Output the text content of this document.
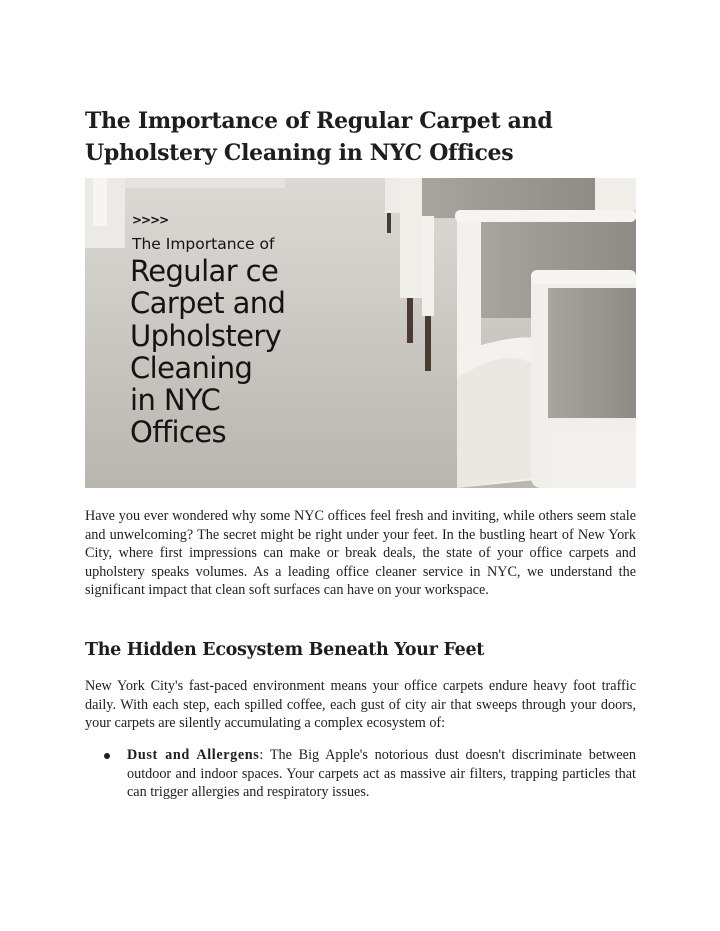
The Importance of Regular Carpet and
Upholstery Cleaning in NYC Offices
>>>>
The Importance of
Regular ce
Carpet and
Upholstery
Cleaning
in NYC
Offices

Have you ever wondered why some NYC offices feel fresh and inviting, while others seem stale and unwelcoming? The secret might be right under your feet. In the bustling heart of New York City, where first impressions can make or break deals, the state of your office carpets and upholstery speaks volumes. As a leading office cleaner service in NYC, we understand the significant impact that clean soft surfaces can have on your workspace.

The Hidden Ecosystem Beneath Your Feet

New York City's fast-paced environment means your office carpets endure heavy foot traffic daily. With each step, each spilled coffee, each gust of city air that sweeps through your doors, your carpets are silently accumulating a complex ecosystem of:

Dust and Allergens: The Big Apple's notorious dust doesn't discriminate between outdoor and indoor spaces. Your carpets act as massive air filters, trapping particles that can trigger allergies and respiratory issues.
